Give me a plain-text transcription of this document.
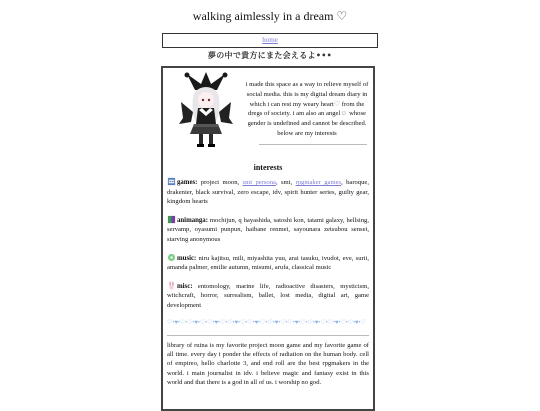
walking aimlessly in a dream ♡
home
夢の中で貴方にまた会えるよ•••
i made this space as a way to relieve myself of social media. this is my digital dream diary in which i can rest my weary heart♡ from the dregs of society. i am also an angel☺ whose gender is undefined and cannot be described. below are my interests
interests
games: project moon, smt persona, smt, rpgmaker games, baroque, drakenier, black survival, zero escape, idv, spirit hunter series, guilty gear, kingdom hearts
animanga: mochijun, q hayashida, satoshi kon, tatami galaxy, hellsing, servamp, oyasumi punpun, haibane renmei, sayounara zetsubou sensei, starving anonymous
music: niru kajitsu, mili, miyashita yuu, arai tasuku, ivudot, eve, surii, amanda palmer, emilie autumn, misumi, arufa, classical music
misc: entomology, marine life, radioactive disasters, mysticism, witchcraft, horror, surrealism, ballet, lost media, digital art, game development
♡•♥•♡•♡•♥•♡•♡•♥•♡•♡•♥•♡•♡•♥•♡•♡•♥•♡•♡•♥•♡•♡•♥•♡•♡•♥•♡•♡•♥•♡
library of ruina is my favorite project moon game and my favorite game of all time. every day i ponder the effects of radiation on the human body. cell of empireo, hello charlotte 3, and end roll are the best rpgmakers in the world. i main journalist in idv. i believe magic and fantasy exist in this world and that there is a god in all of us. i worship no god.
